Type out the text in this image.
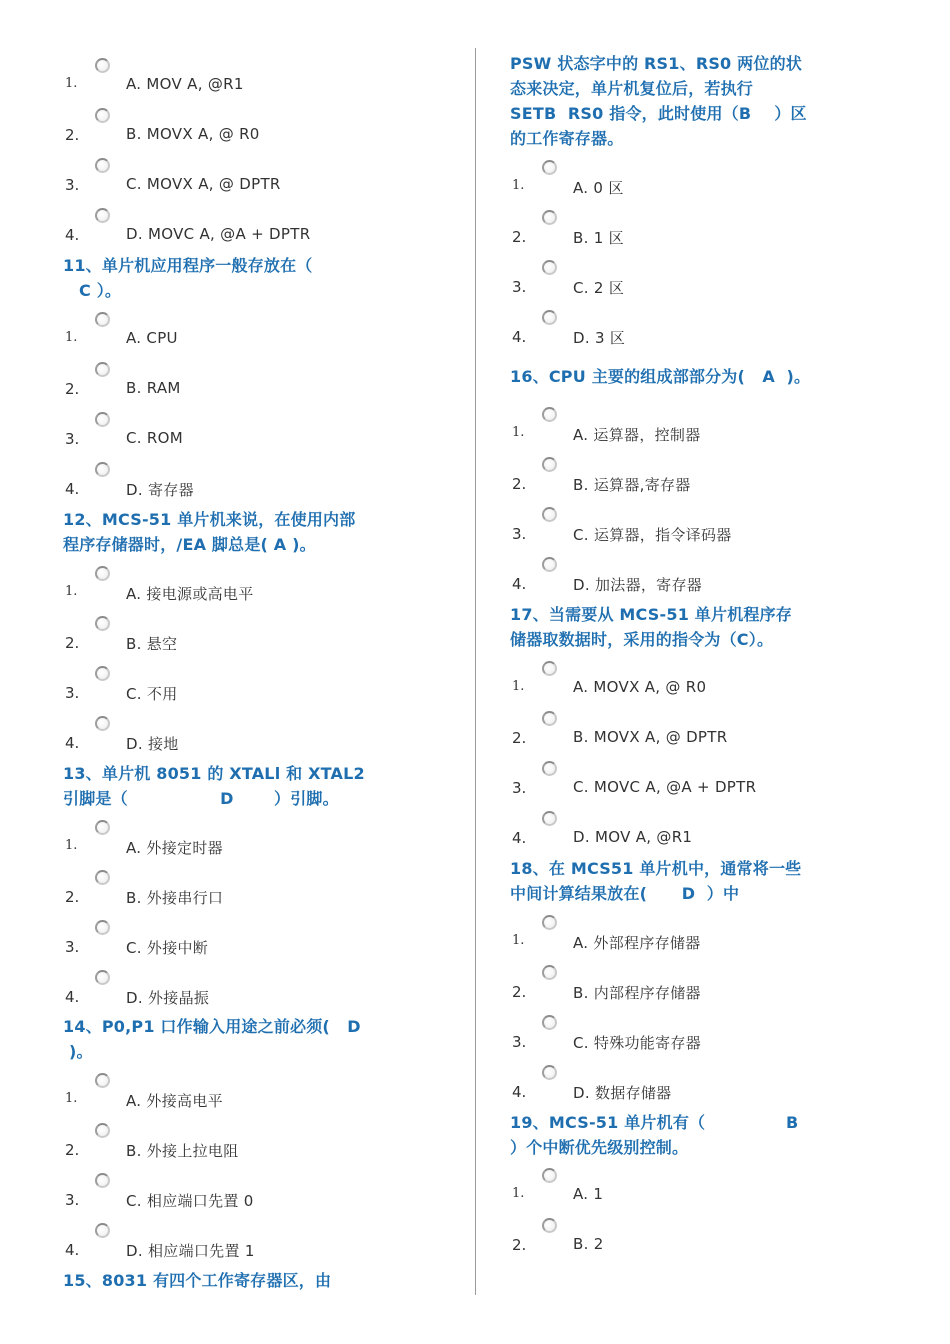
1.	A. MOV A, @R1
2.	B. MOVX A, @ R0
3.	C. MOVX A, @ DPTR
4.	D. MOVC A, @A + DPTR
11、单片机应用程序一般存放在（
C ）。
1.	A. CPU
2.	B. RAM
3.	C. ROM
4.	D. 寄存器
12、MCS-51 单片机来说，在使用内部
程序存储器时，/EA 脚总是( A )。
1.	A. 接电源或高电平
2.	B. 悬空
3.	C. 不用
4.	D. 接地
13、单片机 8051 的 XTALl 和 XTAL2
引脚是（                D       ）引脚。
1.	A. 外接定时器
2.	B. 外接串行口
3.	C. 外接中断
4.	D. 外接晶振
14、P0,P1 口作输入用途之前必须(   D
)。
1.	A. 外接高电平
2.	B. 外接上拉电阻
3.	C. 相应端口先置 0
4.	D. 相应端口先置 1
15、8031 有四个工作寄存器区，由
PSW 状态字中的 RS1、RS0 两位的状
态来决定，单片机复位后，若执行
SETB  RS0 指令，此时使用（B    ）区
的工作寄存器。
1.	A. 0 区
2.	B. 1 区
3.	C. 2 区
4.	D. 3 区
16、CPU 主要的组成部部分为(   A  )。
1.	A. 运算器，控制器
2.	B. 运算器,寄存器
3.	C. 运算器，指令译码器
4.	D. 加法器，寄存器
17、当需要从 MCS-51 单片机程序存
储器取数据时，采用的指令为（C）。
1.	A. MOVX A, @ R0
2.	B. MOVX A, @ DPTR
3.	C. MOVC A, @A + DPTR
4.	D. MOV A, @R1
18、在 MCS51 单片机中，通常将一些
中间计算结果放在(      D  ）中
1.	A. 外部程序存储器
2.	B. 内部程序存储器
3.	C. 特殊功能寄存器
4.	D. 数据存储器
19、MCS-51 单片机有（              B
）个中断优先级别控制。
1.	A. 1
2.	B. 2
